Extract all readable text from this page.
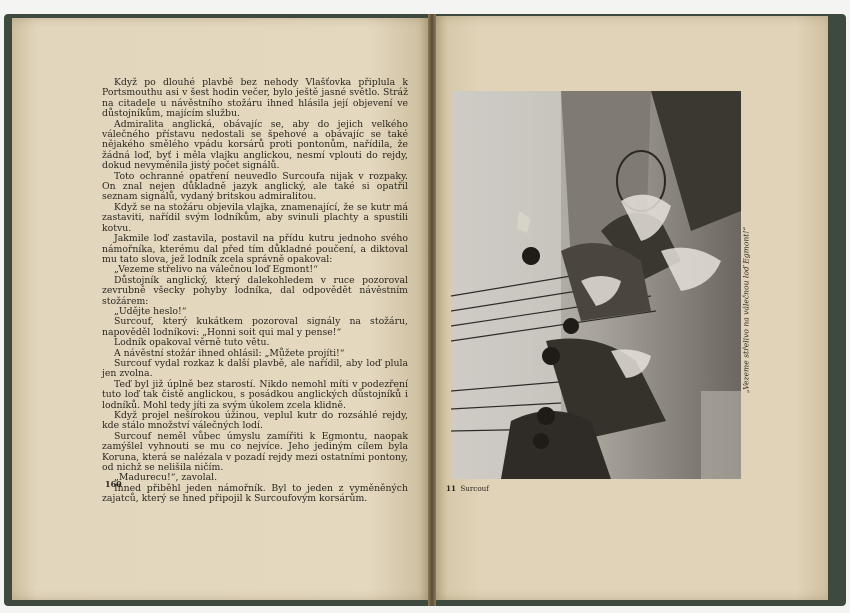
Když po dlouhé plavbě bez nehody Vlašťovka připlula k Portsmouthu asi v šest hodin večer, bylo ještě jasné světlo. Stráž na citadele u návěstního stožáru ihned hlásila její objevení ve důstojníkům, majícím službu.

Admiralita anglická, obávajíc se, aby do jejich velkého válečného přístavu nedostali se špehové a obávajíc se také nějakého smělého vpádu korsárů proti pontonům, nařídila, že žádná loď, byť i měla vlajku anglickou, nesmí vplouti do rejdy, dokud nevyměnila jistý počet signálů.

Toto ochranné opatření neuvedlo Surcoufa nijak v rozpaky. On znal nejen důkladně jazyk anglický, ale také si opatřil seznam signálů, vydaný britskou admiralitou.

Když se na stožáru objevila vlajka, znamenající, že se kutr má zastaviti, nařídil svým lodníkům, aby svinuli plachty a spustili kotvu.

Jakmile loď zastavila, postavil na přídu kutru jednoho svého námořníka, kterému dal před tím důkladné poučení, a diktoval mu tato slova, jež lodník zcela správně opakoval:

„Vezeme střelivo na válečnou loď Egmont!“

Důstojník anglický, který dalekohledem v ruce pozoroval zevrubně všecky pohyby lodníka, dal odpovědět návěstním stožárem:

„Udějte heslo!“

Surcouf, který kukátkem pozoroval signály na stožáru, napověděl lodníkovi: „Honni soit qui mal y pense!“

Lodník opakoval věrně tuto větu.

A návěstní stožár ihned ohlásil: „Můžete projíti!“

Surcouf vydal rozkaz k další plavbě, ale nařídil, aby loď plula jen zvolna.

Teď byl již úplně bez starostí. Nikdo nemohl míti v podezření tuto loď tak čistě anglickou, s posádkou anglických důstojníků i lodníků. Mohl tedy jíti za svým úkolem zcela klidně.

Když projel nešírokou úžinou, veplul kutr do rozsáhlé rejdy, kde stálo množství válečných lodí.

Surcouf neměl vůbec úmyslu zamířiti k Egmontu, naopak zamýšlel vyhnouti se mu co nejvíce. Jeho jediným cílem byla Koruna, která se nalézala v pozadí rejdy mezi ostatními pontony, od nichž se nelišila ničím.

„Madurecu!“, zavolal.

Ihned přiběhl jeden námořník. Byl to jeden z vyměněných zajatců, který se hned připojil k Surcoufovým korsárům.

160
„Vezeme střelivo na válečnou loď Egmont!“
11 Surcouf
